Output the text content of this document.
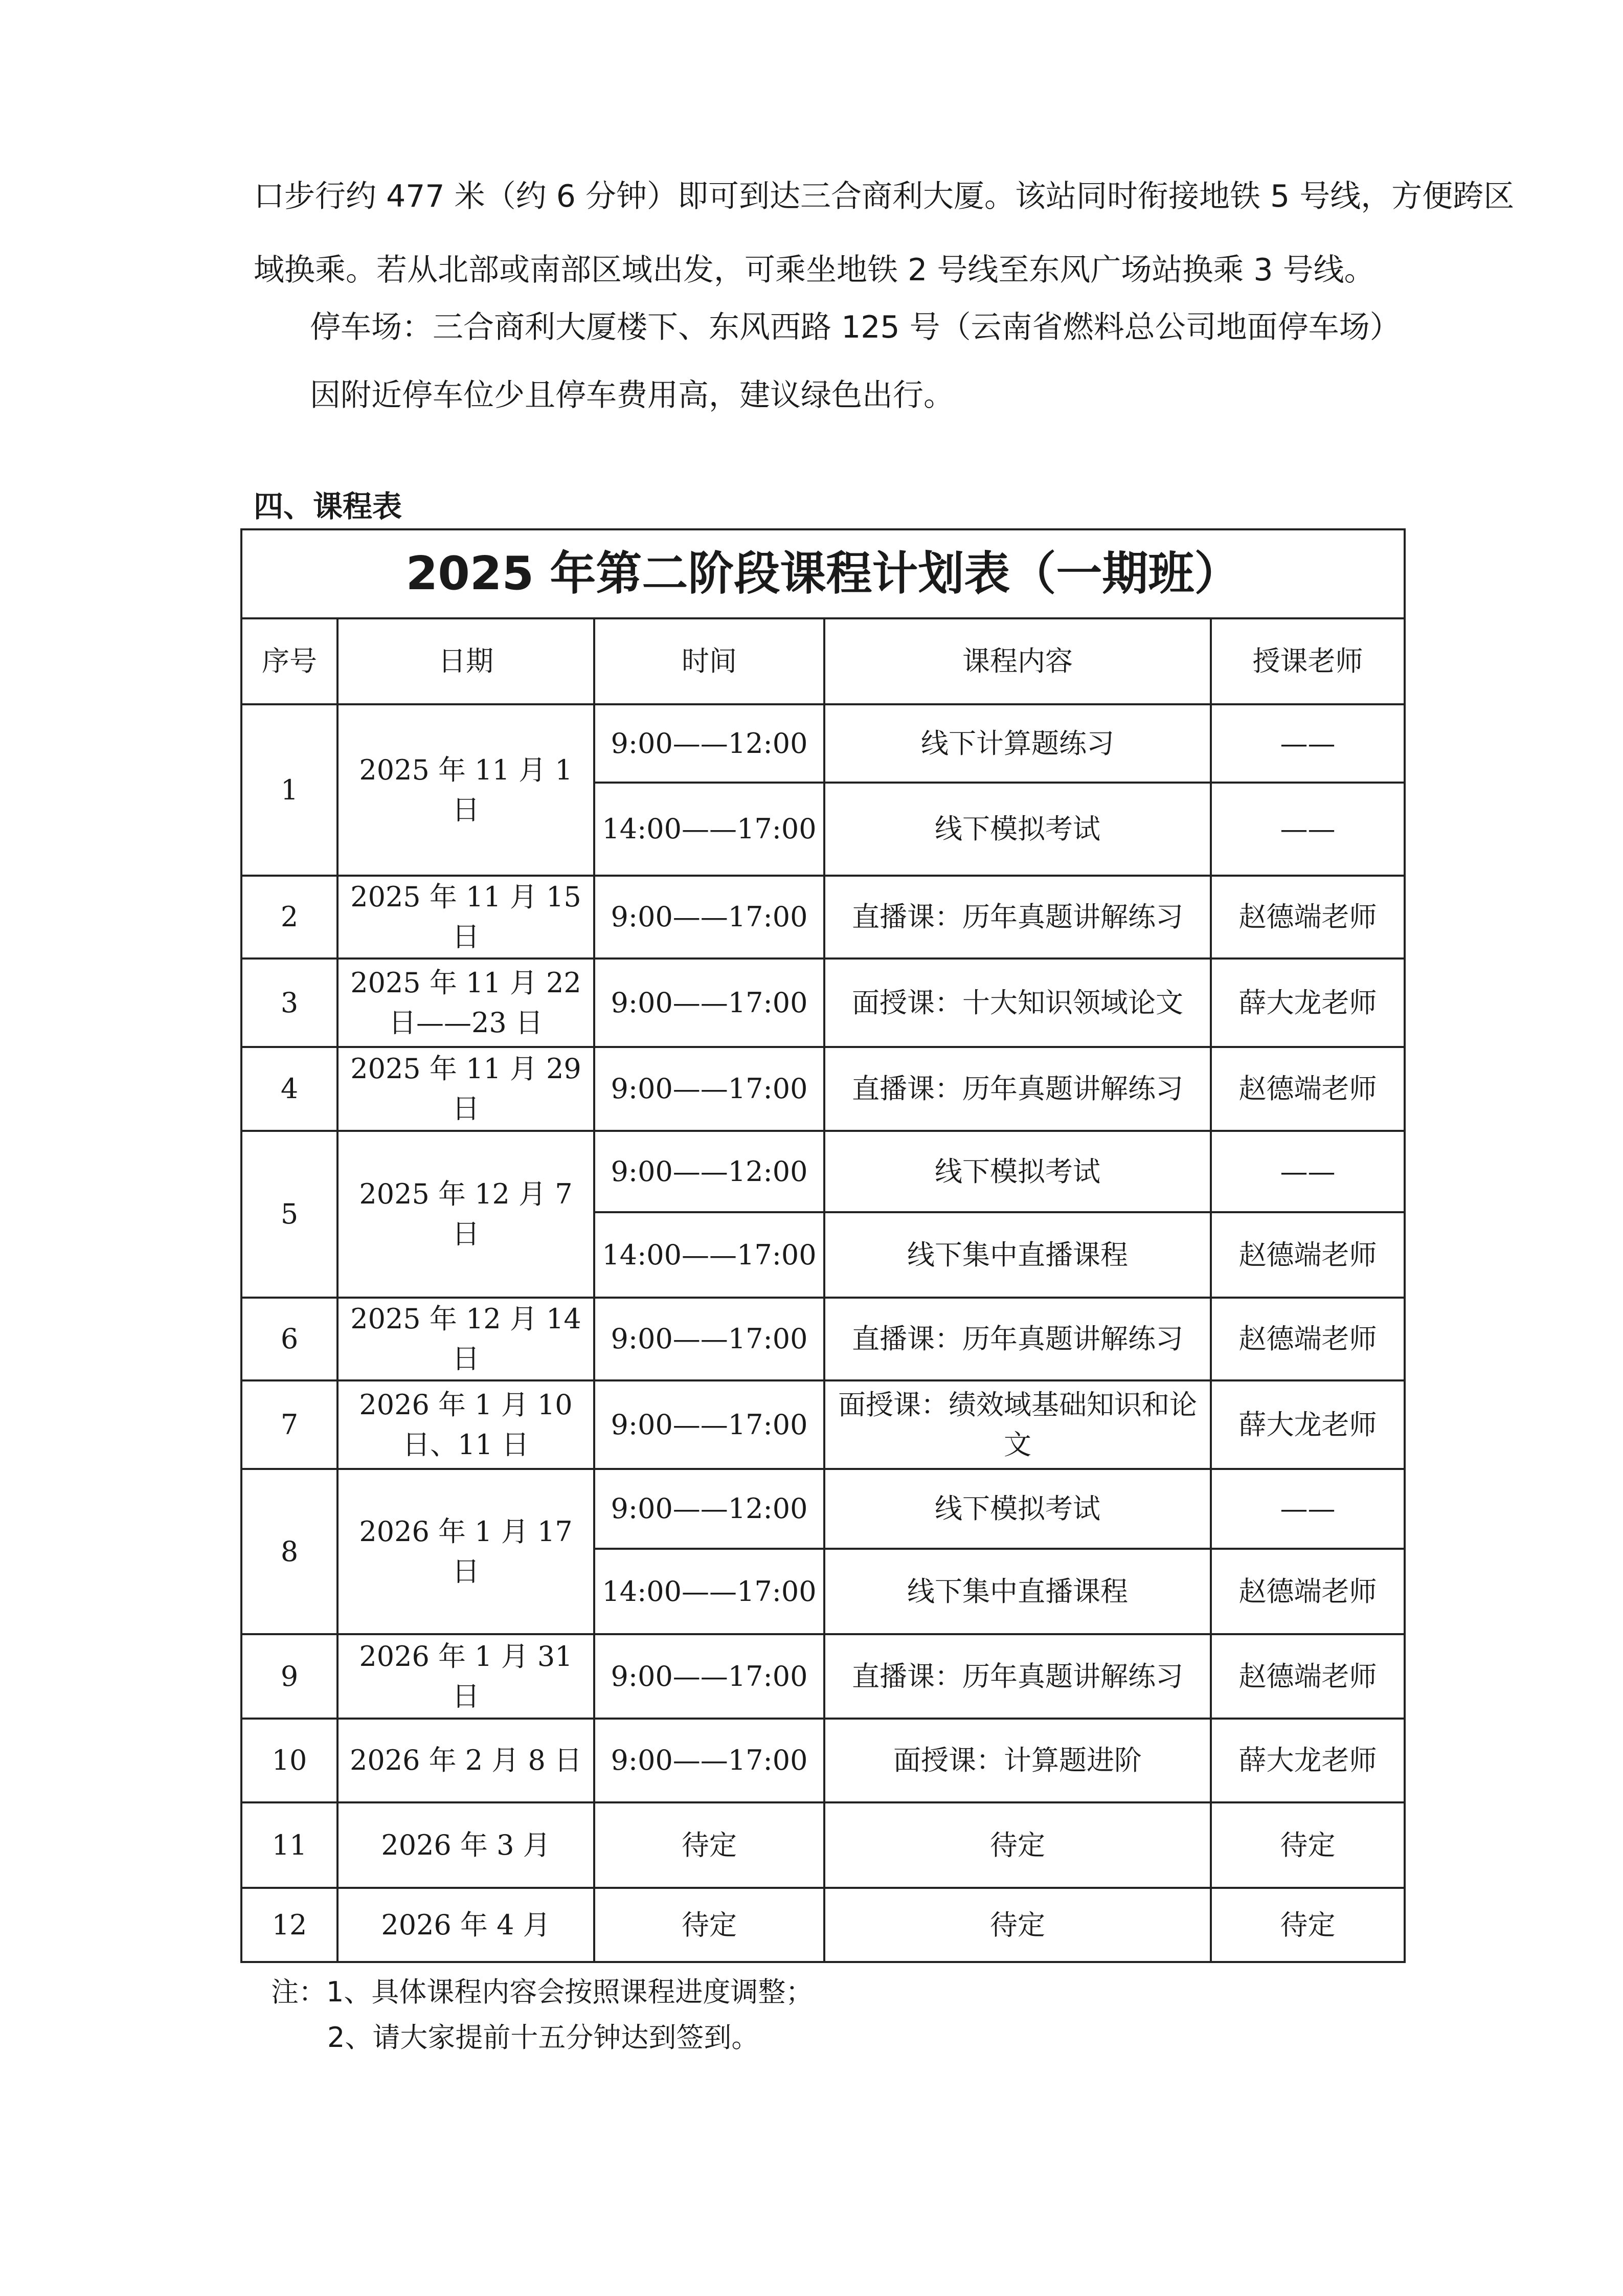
口步行约 477 米（约 6 分钟）即可到达三合商利大厦。该站同时衔接地铁 5 号线，方便跨区
域换乘。若从北部或南部区域出发，可乘坐地铁 2 号线至东风广场站换乘 3 号线。
停车场：三合商利大厦楼下、东风西路 125 号（云南省燃料总公司地面停车场）
因附近停车位少且停车费用高，建议绿色出行。
四、课程表
2025 年第二阶段课程计划表（一期班）				
序号	日期	时间	课程内容	授课老师
1	2025 年 11 月 1 日	9:00——12:00	线下计算题练习	——
		14:00——17:00	线下模拟考试	——
2	2025 年 11 月 15 日	9:00——17:00	直播课：历年真题讲解练习	赵德端老师
3	2025 年 11 月 22 日——23 日	9:00——17:00	面授课：十大知识领域论文	薛大龙老师
4	2025 年 11 月 29 日	9:00——17:00	直播课：历年真题讲解练习	赵德端老师
5	2025 年 12 月 7 日	9:00——12:00	线下模拟考试	——
		14:00——17:00	线下集中直播课程	赵德端老师
6	2025 年 12 月 14 日	9:00——17:00	直播课：历年真题讲解练习	赵德端老师
7	2026 年 1 月 10 日、11 日	9:00——17:00	面授课：绩效域基础知识和论文	薛大龙老师
8	2026 年 1 月 17 日	9:00——12:00	线下模拟考试	——
		14:00——17:00	线下集中直播课程	赵德端老师
9	2026 年 1 月 31 日	9:00——17:00	直播课：历年真题讲解练习	赵德端老师
10	2026 年 2 月 8 日	9:00——17:00	面授课：计算题进阶	薛大龙老师
11	2026 年 3 月	待定	待定	待定
12	2026 年 4 月	待定	待定	待定
注：1、具体课程内容会按照课程进度调整；
2、请大家提前十五分钟达到签到。
